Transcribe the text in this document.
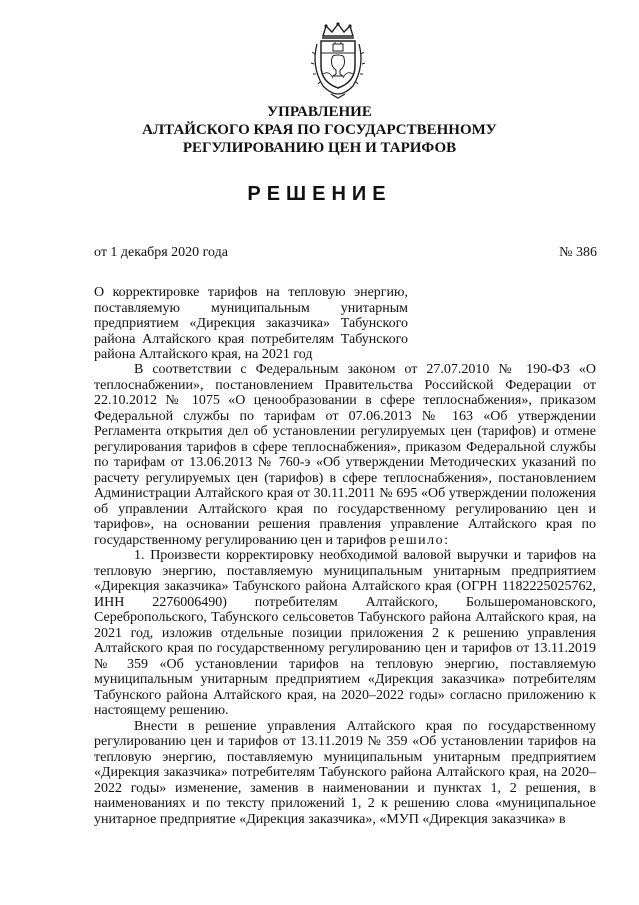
УПРАВЛЕНИЕ
АЛТАЙСКОГО КРАЯ ПО ГОСУДАРСТВЕННОМУ
РЕГУЛИРОВАНИЮ ЦЕН И ТАРИФОВ
РЕШЕНИЕ
от 1 декабря 2020 года	№ 386
О корректировке тарифов на тепловую энергию, поставляемую муниципальным унитарным предприятием «Дирекция заказчика» Табунского района Алтайского края потребителям Табунского района Алтайского края, на 2021 год

В соответствии с Федеральным законом от 27.07.2010 № 190-ФЗ «О теплоснабжении», постановлением Правительства Российской Федерации от 22.10.2012 № 1075 «О ценообразовании в сфере теплоснабжения», приказом Федеральной службы по тарифам от 07.06.2013 № 163 «Об утверждении Регламента открытия дел об установлении регулируемых цен (тарифов) и отмене регулирования тарифов в сфере теплоснабжения», приказом Федеральной службы по тарифам от 13.06.2013 № 760-э «Об утверждении Методических указаний по расчету регулируемых цен (тарифов) в сфере теплоснабжения», постановлением Администрации Алтайского края от 30.11.2011 № 695 «Об утверждении положения об управлении Алтайского края по государственному регулированию цен и тарифов», на основании решения правления управление Алтайского края по государственному регулированию цен и тарифов решило:

1. Произвести корректировку необходимой валовой выручки и тарифов на тепловую энергию, поставляемую муниципальным унитарным предприятием «Дирекция заказчика» Табунского района Алтайского края (ОГРН 1182225025762, ИНН 2276006490) потребителям Алтайского, Большеромановского, Серебропольского, Табунского сельсоветов Табунского района Алтайского края, на 2021 год, изложив отдельные позиции приложения 2 к решению управления Алтайского края по государственному регулированию цен и тарифов от 13.11.2019 № 359 «Об установлении тарифов на тепловую энергию, поставляемую муниципальным унитарным предприятием «Дирекция заказчика» потребителям Табунского района Алтайского края, на 2020–2022 годы» согласно приложению к настоящему решению.

Внести в решение управления Алтайского края по государственному регулированию цен и тарифов от 13.11.2019 № 359 «Об установлении тарифов на тепловую энергию, поставляемую муниципальным унитарным предприятием «Дирекция заказчика» потребителям Табунского района Алтайского края, на 2020–2022 годы» изменение, заменив в наименовании и пунктах 1, 2 решения, в наименованиях и по тексту приложений 1, 2 к решению слова «муниципальное унитарное предприятие «Дирекция заказчика», «МУП «Дирекция заказчика» в
